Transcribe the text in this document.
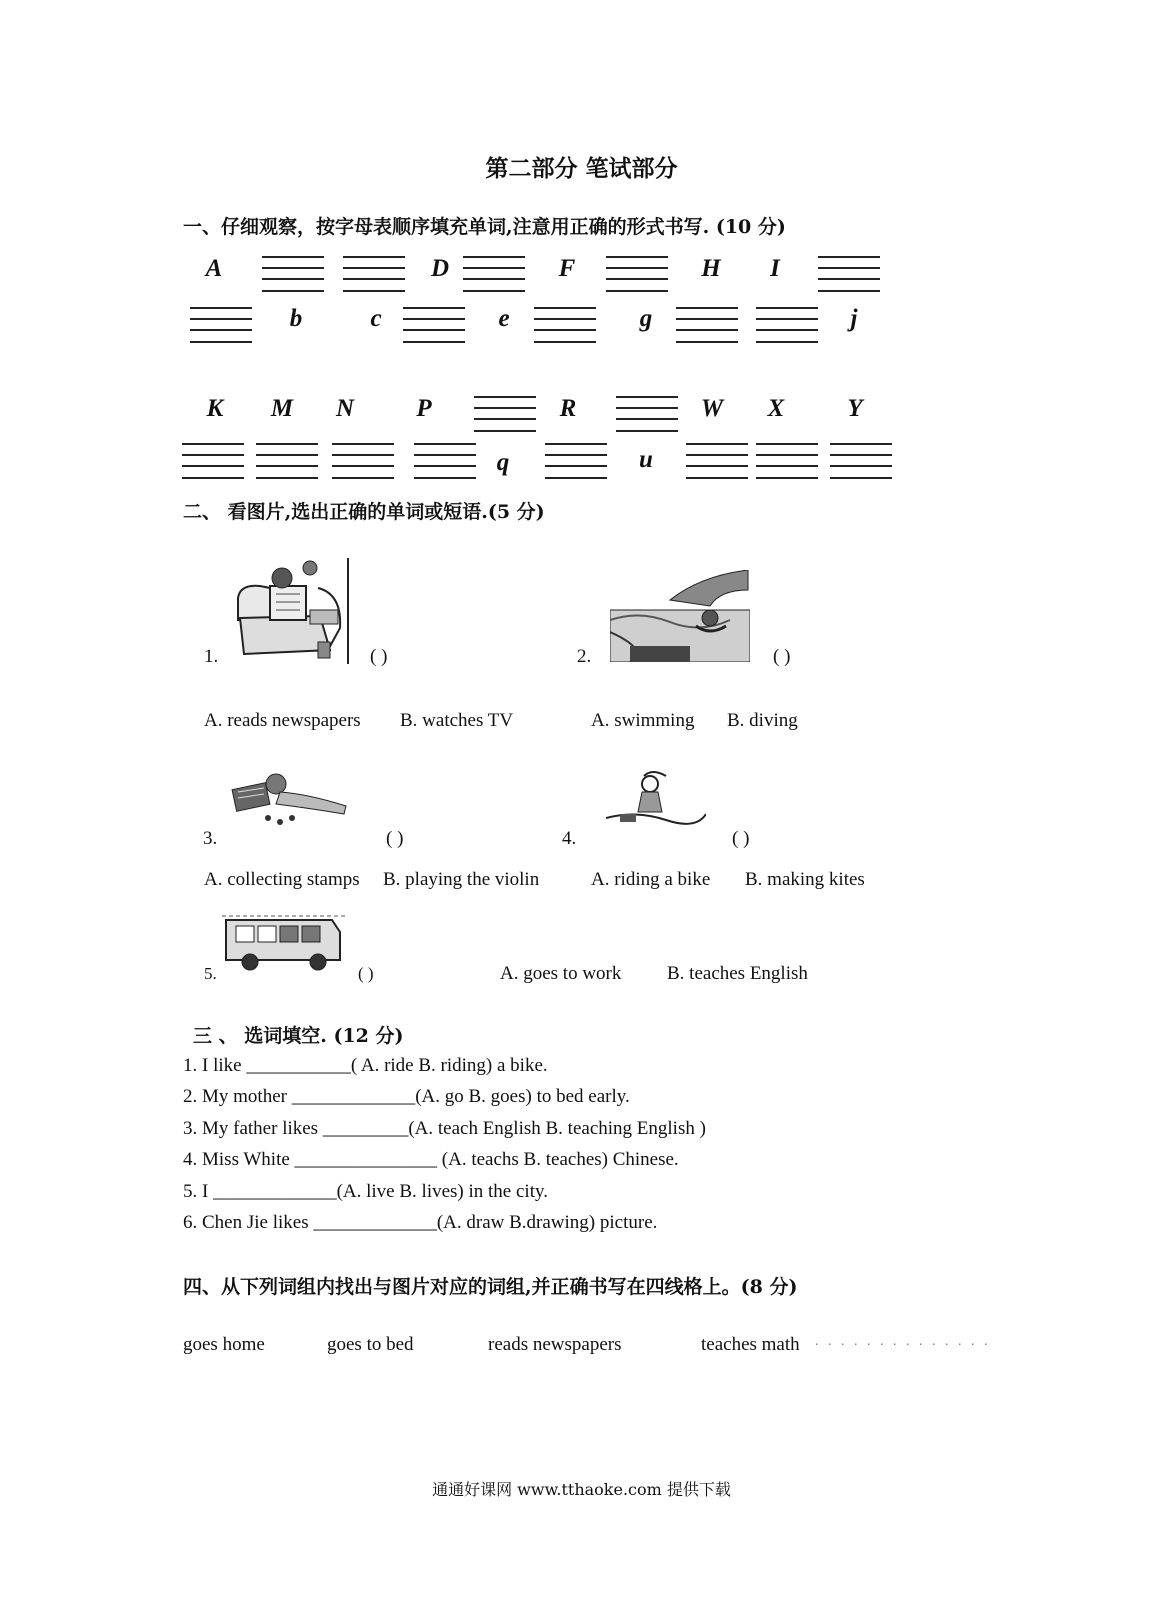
第二部分 笔试部分
一、仔细观察，按字母表顺序填充单词,注意用正确的形式书写. (10 分)
A	D	F	H	I
b	c	e	g	j
K	M	N	P	R	W	X	Y
q	u
二、 看图片,选出正确的单词或短语.(5 分)
1.	( )	2.	( )
A. reads newspapers B. watches TV	A. swimming B. diving
3.	( )	4.	( )
A. collecting stamps B. playing the violin	A. riding a bike B. making kites
5.	( )	A. goes to work B. teaches English
三 、 选词填空. (12 分)
1. I like ___________( A. ride B. riding) a bike.
2. My mother _____________(A. go B. goes) to bed early.
3. My father likes _________(A. teach English B. teaching English )
4. Miss White _______________ (A. teachs B. teaches) Chinese.
5. I _____________(A. live B. lives) in the city.
6. Chen Jie likes _____________(A. draw B.drawing) picture.
四、从下列词组内找出与图片对应的词组,并正确书写在四线格上。(8 分)
goes home	goes to bed	reads newspapers	teaches math . . . . . . . . . . . . . .
通通好课网 www.tthaoke.com 提供下载
